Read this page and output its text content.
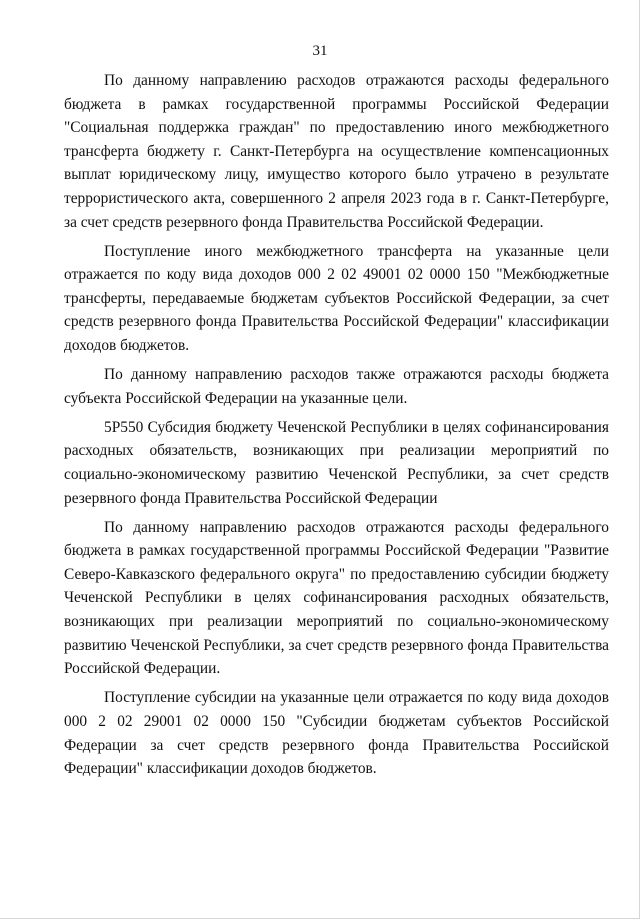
31

По данному направлению расходов отражаются расходы федерального бюджета в рамках государственной программы Российской Федерации "Социальная поддержка граждан" по предоставлению иного межбюджетного трансферта бюджету г. Санкт-Петербурга на осуществление компенсационных выплат юридическому лицу, имущество которого было утрачено в результате террористического акта, совершенного 2 апреля 2023 года в г. Санкт-Петербурге, за счет средств резервного фонда Правительства Российской Федерации.

Поступление иного межбюджетного трансферта на указанные цели отражается по коду вида доходов 000 2 02 49001 02 0000 150 "Межбюджетные трансферты, передаваемые бюджетам субъектов Российской Федерации, за счет средств резервного фонда Правительства Российской Федерации" классификации доходов бюджетов.

По данному направлению расходов также отражаются расходы бюджета субъекта Российской Федерации на указанные цели.

5Р550 Субсидия бюджету Чеченской Республики в целях софинансирования расходных обязательств, возникающих при реализации мероприятий по социально-экономическому развитию Чеченской Республики, за счет средств резервного фонда Правительства Российской Федерации

По данному направлению расходов отражаются расходы федерального бюджета в рамках государственной программы Российской Федерации "Развитие Северо-Кавказского федерального округа" по предоставлению субсидии бюджету Чеченской Республики в целях софинансирования расходных обязательств, возникающих при реализации мероприятий по социально-экономическому развитию Чеченской Республики, за счет средств резервного фонда Правительства Российской Федерации.

Поступление субсидии на указанные цели отражается по коду вида доходов 000 2 02 29001 02 0000 150 "Субсидии бюджетам субъектов Российской Федерации за счет средств резервного фонда Правительства Российской Федерации" классификации доходов бюджетов.
